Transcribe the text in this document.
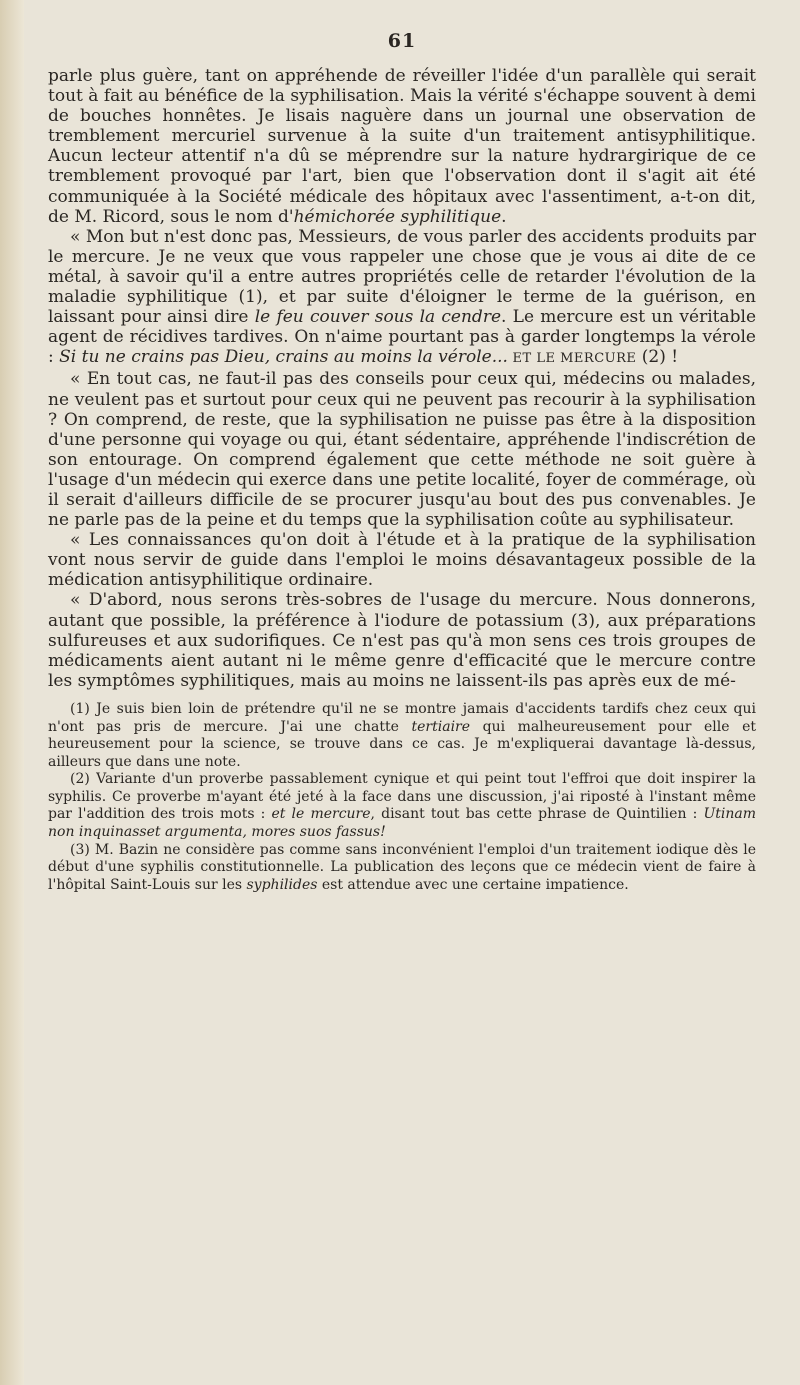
61

parle plus guère, tant on appréhende de réveiller l'idée d'un parallèle qui serait tout à fait au bénéfice de la syphilisation. Mais la vérité s'échappe souvent à demi de bouches honnêtes. Je lisais naguère dans un journal une observation de tremblement mercuriel survenue à la suite d'un traitement antisyphilitique. Aucun lecteur attentif n'a dû se méprendre sur la nature hydrargirique de ce tremblement provoqué par l'art, bien que l'observation dont il s'agit ait été communiquée à la Société médicale des hôpitaux avec l'assentiment, a-t-on dit, de M. Ricord, sous le nom d'hémichorée syphilitique.

« Mon but n'est donc pas, Messieurs, de vous parler des accidents produits par le mercure. Je ne veux que vous rappeler une chose que je vous ai dite de ce métal, à savoir qu'il a entre autres propriétés celle de retarder l'évolution de la maladie syphilitique (1), et par suite d'éloigner le terme de la guérison, en laissant pour ainsi dire le feu couver sous la cendre. Le mercure est un véritable agent de récidives tardives. On n'aime pourtant pas à garder longtemps la vérole : Si tu ne crains pas Dieu, crains au moins la vérole... ET LE MERCURE (2) !

« En tout cas, ne faut-il pas des conseils pour ceux qui, médecins ou malades, ne veulent pas et surtout pour ceux qui ne peuvent pas recourir à la syphilisation ? On comprend, de reste, que la syphilisation ne puisse pas être à la disposition d'une personne qui voyage ou qui, étant sédentaire, appréhende l'indiscrétion de son entourage. On comprend également que cette méthode ne soit guère à l'usage d'un médecin qui exerce dans une petite localité, foyer de commérage, où il serait d'ailleurs difficile de se procurer jusqu'au bout des pus convenables. Je ne parle pas de la peine et du temps que la syphilisation coûte au syphilisateur.

« Les connaissances qu'on doit à l'étude et à la pratique de la syphilisation vont nous servir de guide dans l'emploi le moins désavantageux possible de la médication antisyphilitique ordinaire.

« D'abord, nous serons très-sobres de l'usage du mercure. Nous donnerons, autant que possible, la préférence à l'iodure de potassium (3), aux préparations sulfureuses et aux sudorifiques. Ce n'est pas qu'à mon sens ces trois groupes de médicaments aient autant ni le même genre d'efficacité que le mercure contre les symptômes syphilitiques, mais au moins ne laissent-ils pas après eux de mé-

(1) Je suis bien loin de prétendre qu'il ne se montre jamais d'accidents tardifs chez ceux qui n'ont pas pris de mercure. J'ai une chatte tertiaire qui malheureusement pour elle et heureusement pour la science, se trouve dans ce cas. Je m'expliquerai davantage là-dessus, ailleurs que dans une note.

(2) Variante d'un proverbe passablement cynique et qui peint tout l'effroi que doit inspirer la syphilis. Ce proverbe m'ayant été jeté à la face dans une discussion, j'ai riposté à l'instant même par l'addition des trois mots : et le mercure, disant tout bas cette phrase de Quintilien : Utinam non inquinasset argumenta, mores suos fassus!

(3) M. Bazin ne considère pas comme sans inconvénient l'emploi d'un traitement iodique dès le début d'une syphilis constitutionnelle. La publication des leçons que ce médecin vient de faire à l'hôpital Saint-Louis sur les syphilides est attendue avec une certaine impatience.
